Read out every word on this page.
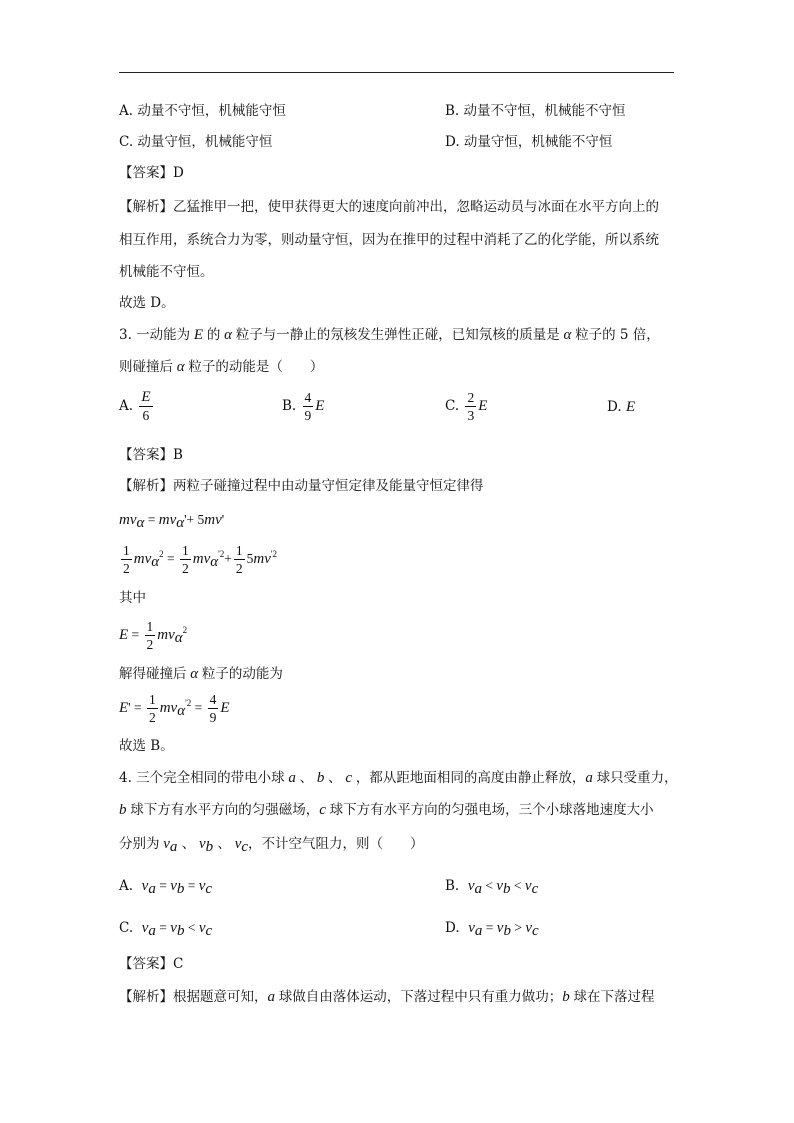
A. 动量不守恒，机械能守恒	B. 动量不守恒，机械能不守恒
C. 动量守恒，机械能守恒	D. 动量守恒，机械能不守恒
【答案】D
【解析】乙猛推甲一把，使甲获得更大的速度向前冲出，忽略运动员与冰面在水平方向上的
相互作用，系统合力为零，则动量守恒，因为在推甲的过程中消耗了乙的化学能，所以系统
机械能不守恒。
故选 D。
3. 一动能为 E 的 α 粒子与一静止的氖核发生弹性正碰，已知氖核的质量是 α 粒子的 5 倍，
则碰撞后 α 粒子的动能是（　　）
A. $\frac{E}{6}$	B. $\frac{4}{9}$ E	C. $\frac{2}{3}$ E	D. E
【答案】B
【解析】两粒子碰撞过程中由动量守恒定律及能量守恒定律得
$mv_\alpha = mv_\alpha'+ 5mv'$
$\frac{1}{2} mv_\alpha^2 = \frac{1}{2} mv_\alpha^{'2}+ \frac{1}{2} 5mv^{'2}$
其中
$E = \frac{1}{2} mv_\alpha^2$
解得碰撞后 α 粒子的动能为
$E' = \frac{1}{2} mv_\alpha^{'2} = \frac{4}{9}$ E
故选 B。
4. 三个完全相同的带电小球 a 、 b 、 c ，都从距地面相同的高度由静止释放，a 球只受重力，
b 球下方有水平方向的匀强磁场，c 球下方有水平方向的匀强电场，三个小球落地速度大小
分别为 $v_a$ 、 $v_b$ 、 $v_c$，不计空气阻力，则（　　）
A. $v_a = v_b = v_c$	B. $v_a < v_b < v_c$
C. $v_a = v_b < v_c$	D. $v_a = v_b > v_c$
【答案】C
【解析】根据题意可知，a 球做自由落体运动，下落过程中只有重力做功；b 球在下落过程
